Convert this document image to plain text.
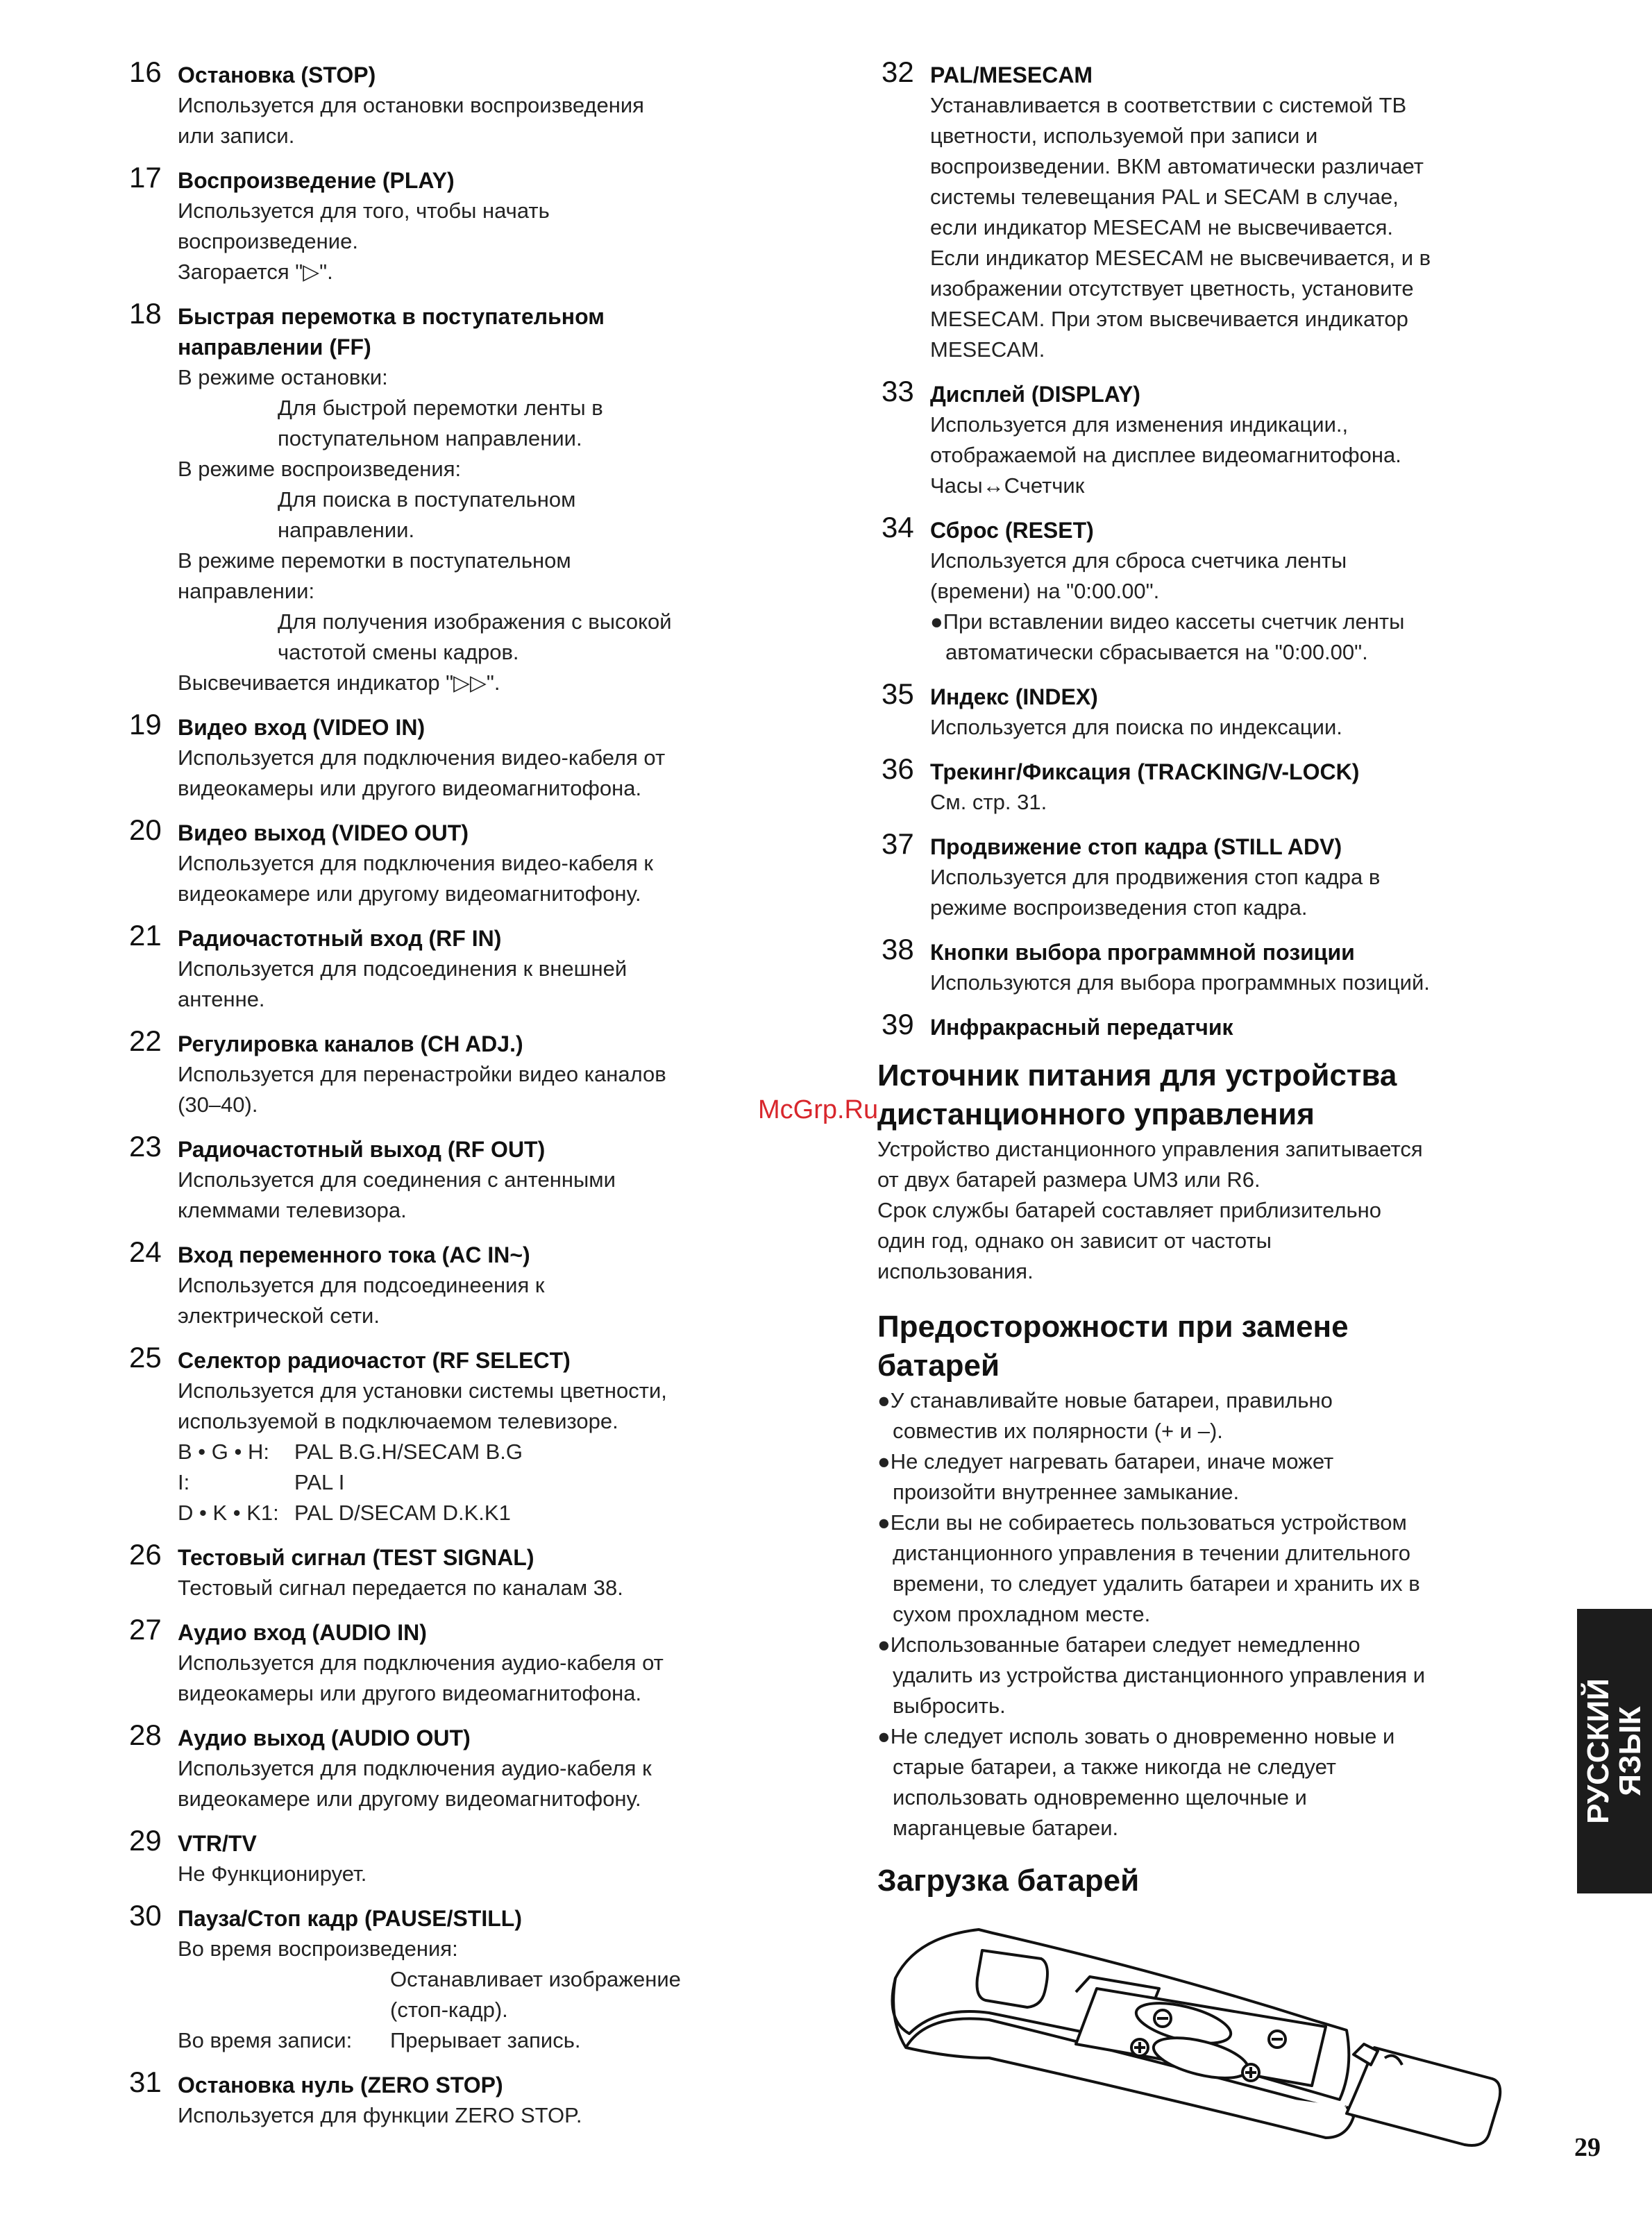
16 Остановка (STOP)
Используется для остановки воспроизведения
или записи.
17 Воспроизведение (PLAY)
Используется для того, чтобы начать
воспроизведение.
Загорается "▷".
18 Быстрая перемотка в поступательном
направлении (FF)
В режиме остановки:
Для быстрой перемотки ленты в
поступательном направлении.
В режиме воспроизведения:
Для поиска в поступательном
направлении.
В режиме перемотки в поступательном
направлении:
Для получения изображения с высокой
частотой смены кадров.
Высвечивается индикатор "▷▷".
19 Видео вход (VIDEO IN)
Используется для подключения видео-кабеля от
видеокамеры или другого видеомагнитофона.
20 Видео выход (VIDEO OUT)
Используется для подключения видео-кабеля к
видеокамере или другому видеомагнитофону.
21 Радиочастотный вход (RF IN)
Используется для подсоединения к внешней
антенне.
22 Регулировка каналов (CH ADJ.)
Используется для перенастройки видео каналов
(30–40).
23 Радиочастотный выход (RF OUT)
Используется для соединения с антенными
клеммами телевизора.
24 Вход переменного тока (AC IN~)
Используется для подсоединеения к
электрической сети.
25 Селектор радиочастот (RF SELECT)
Используется для установки системы цветности,
используемой в подключаемом телевизоре.
B • G • H:	PAL B.G.H/SECAM B.G
I:	PAL I
D • K • K1: PAL D/SECAM D.K.K1
26 Тестовый сигнал (TEST SIGNAL)
Тестовый сигнал передается по каналам 38.
27 Аудио вход (AUDIO IN)
Используется для подключения аудио-кабеля от
видеокамеры или другого видеомагнитофона.
28 Аудио выход (AUDIO OUT)
Используется для подключения аудио-кабеля к
видеокамере или другому видеомагнитофону.
29 VTR/TV
Не Функционирует.
30 Пауза/Стоп кадр (PAUSE/STILL)
Во время воспроизведения:
Останавливает изображение
(стоп-кадр).
Во время записи:	Прерывает запись.
31 Остановка нуль (ZERO STOP)
Используется для функции ZERO STOP.
32 PAL/MESECAM
Устанавливается в соответствии с системой ТВ
цветности, используемой при записи и
воспроизведении. ВКМ автоматически различает
системы телевещания PAL и SECAM в случае,
если индикатор MESECAM не высвечивается.
Если индикатор MESECAM не высвечивается, и в
изображении отсутствует цветность, установите
MESECAM. При этом высвечивается индикатор
MESECAM.
33 Дисплей (DISPLAY)
Используется для изменения индикации.,
отображаемой на дисплее видеомагнитофона.
Часы↔Счетчик
34 Сброс (RESET)
Используется для сброса счетчика ленты
(времени) на "0:00.00".
●При вставлении видео кассеты счетчик ленты
автоматически сбрасывается на "0:00.00".
35 Индекс (INDEX)
Используется для поиска по индексации.
36 Трекинг/Фиксация (TRACKING/V-LOCK)
См. стр. 31.
37 Продвижение стоп кадра (STILL ADV)
Используется для продвижения стоп кадра в
режиме воспроизведения стоп кадра.
38 Кнопки выбора программной позиции
Используются для выбора программных позиций.
39 Инфракрасный передатчик
Источник питания для устройства
дистанционного управления
Устройство дистанционного управления запитывается
от двух батарей размера UM3 или R6.
Срок службы батарей составляет приблизительно
один год, однако он зависит от частоты
использования.
Предосторожности при замене
батарей
●У станавливайте новые батареи, правильно
совместив их полярности (+ и –).
●Не следует нагревать батареи, иначе может
произойти внутреннее замыкание.
●Если вы не собираетесь пользоваться устройством
дистанционного управления в течении длительного
времени, то следует удалить батареи и хранить их в
сухом прохладном месте.
●Использованные батареи следует немедленно
удалить из устройства дистанционного управления и
выбросить.
●Не следует исполь зовать о дновременно новые и
старые батареи, а также никогда не следует
использовать одновременно щелочные и
марганцевые батареи.
Загрузка батарей
McGrp.Ru
РУССКИЙ
ЯЗЫК
29
